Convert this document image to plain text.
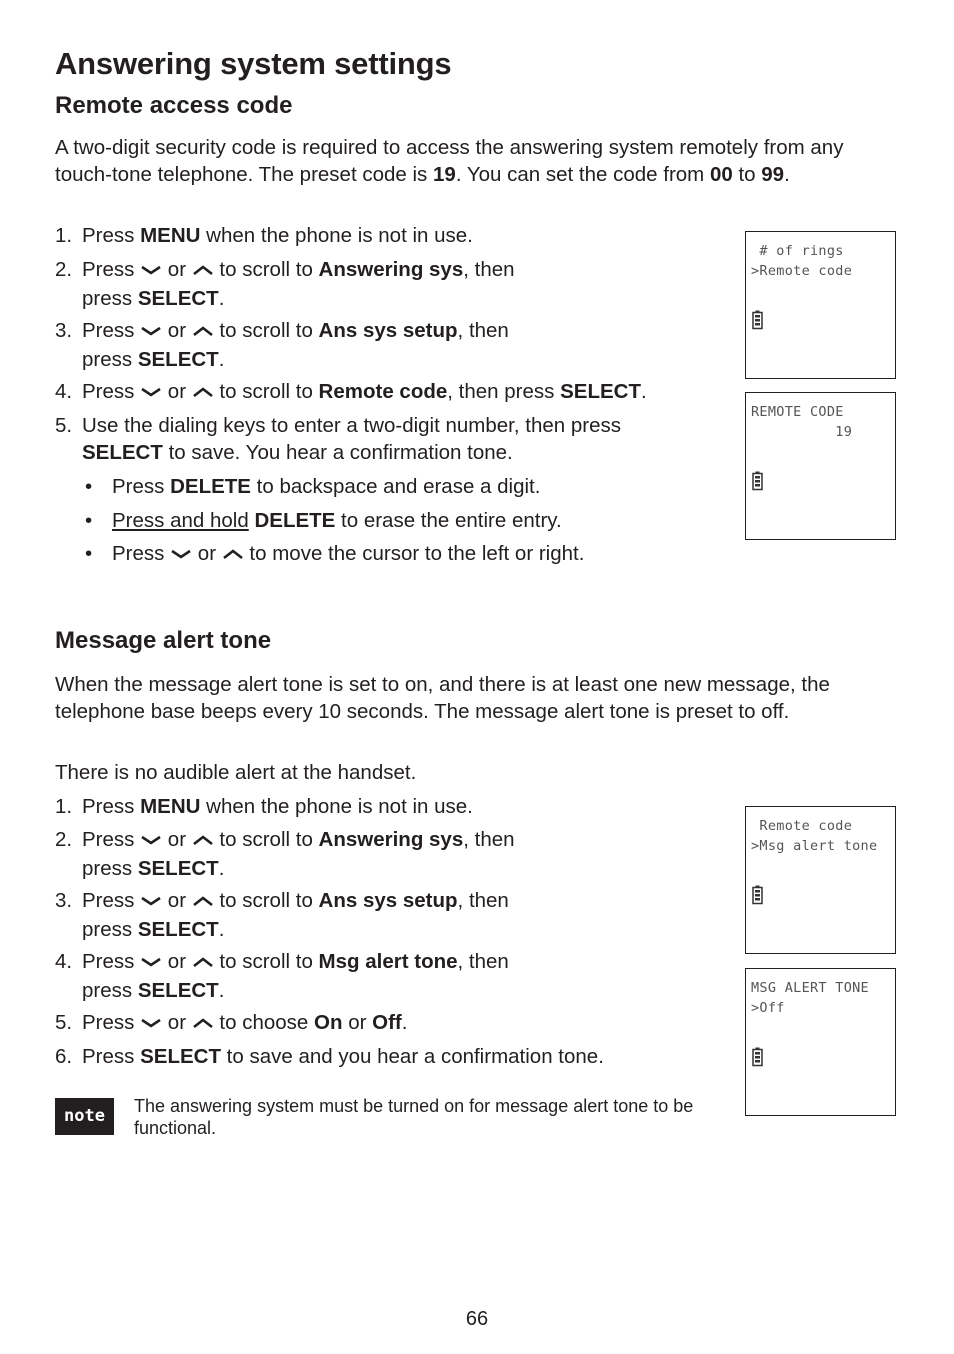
Answering system settings
Remote access code

A two-digit security code is required to access the answering system remotely from any touch-tone telephone. The preset code is 19. You can set the code from 00 to 99.

1. Press MENU when the phone is not in use.
2. Press
or
to scroll to Answering sys, then
press SELECT.
3. Press
or
to scroll to Ans sys setup, then
press SELECT.
4. Press
or
to scroll to Remote code, then press SELECT.
5. Use the dialing keys to enter a two-digit number, then press
SELECT to save. You hear a confirmation tone.
• Press DELETE to backspace and erase a digit.
• Press and hold DELETE to erase the entire entry.
• Press
or
to move the cursor to the left or right.
# of rings
>Remote code
REMOTE CODE
19
Message alert tone

When the message alert tone is set to on, and there is at least one new message, the telephone base beeps every 10 seconds. The message alert tone is preset to off.

There is no audible alert at the handset.

1. Press MENU when the phone is not in use.
2. Press
or
to scroll to Answering sys, then
press SELECT.
3. Press
or
to scroll to Ans sys setup, then
press SELECT.
4. Press
or
to scroll to Msg alert tone, then
press SELECT.
5. Press
or
to choose On or Off.
6. Press SELECT to save and you hear a confirmation tone.
Remote code
>Msg alert tone
MSG ALERT TONE
>Off
note	The answering system must be turned on for message alert tone to be functional.

66
